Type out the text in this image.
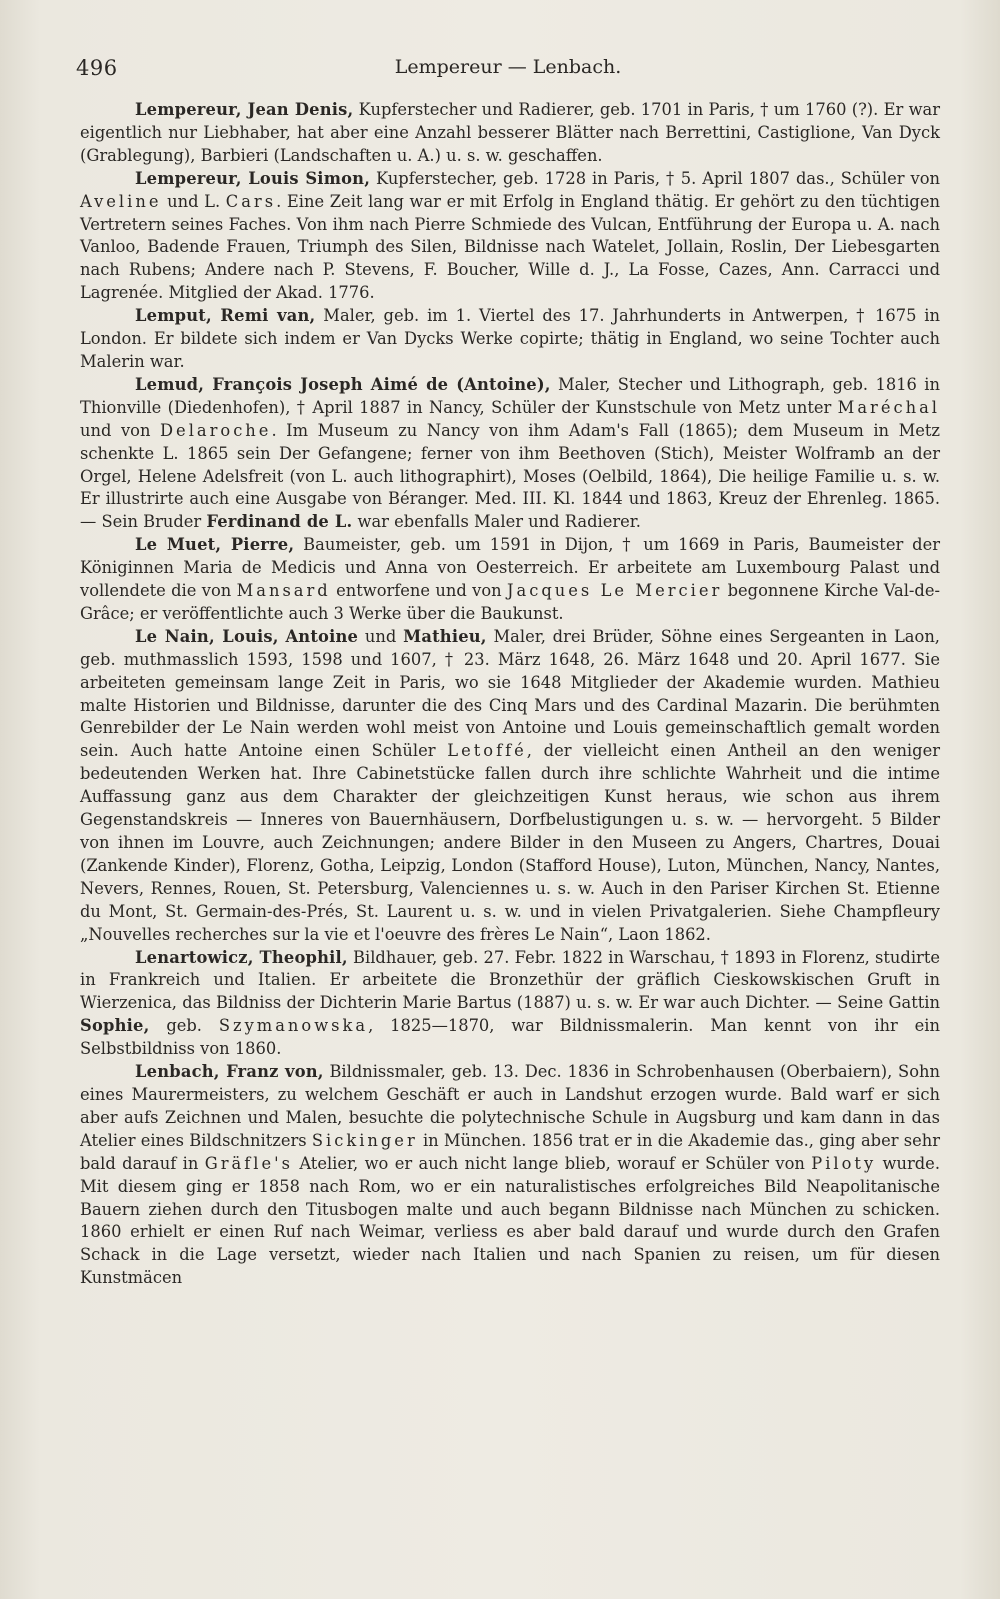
496	Lempereur — Lenbach.

Lempereur, Jean Denis, Kupferstecher und Radierer, geb. 1701 in Paris, † um 1760 (?). Er war eigentlich nur Liebhaber, hat aber eine Anzahl besserer Blätter nach Berrettini, Castiglione, Van Dyck (Grablegung), Barbieri (Landschaften u. A.) u. s. w. geschaffen.

Lempereur, Louis Simon, Kupferstecher, geb. 1728 in Paris, † 5. April 1807 das., Schüler von Aveline und L. Cars. Eine Zeit lang war er mit Erfolg in England thätig. Er gehört zu den tüchtigen Vertretern seines Faches. Von ihm nach Pierre Schmiede des Vulcan, Entführung der Europa u. A. nach Vanloo, Badende Frauen, Triumph des Silen, Bildnisse nach Watelet, Jollain, Roslin, Der Liebesgarten nach Rubens; Andere nach P. Stevens, F. Boucher, Wille d. J., La Fosse, Cazes, Ann. Carracci und Lagrenée. Mitglied der Akad. 1776.

Lemput, Remi van, Maler, geb. im 1. Viertel des 17. Jahrhunderts in Antwerpen, † 1675 in London. Er bildete sich indem er Van Dycks Werke copirte; thätig in England, wo seine Tochter auch Malerin war.

Lemud, François Joseph Aimé de (Antoine), Maler, Stecher und Lithograph, geb. 1816 in Thionville (Diedenhofen), † April 1887 in Nancy, Schüler der Kunstschule von Metz unter Maréchal und von Delaroche. Im Museum zu Nancy von ihm Adam's Fall (1865); dem Museum in Metz schenkte L. 1865 sein Der Gefangene; ferner von ihm Beethoven (Stich), Meister Wolframb an der Orgel, Helene Adelsfreit (von L. auch lithographirt), Moses (Oelbild, 1864), Die heilige Familie u. s. w. Er illustrirte auch eine Ausgabe von Béranger. Med. III. Kl. 1844 und 1863, Kreuz der Ehrenleg. 1865. — Sein Bruder Ferdinand de L. war ebenfalls Maler und Radierer.

Le Muet, Pierre, Baumeister, geb. um 1591 in Dijon, † um 1669 in Paris, Baumeister der Königinnen Maria de Medicis und Anna von Oesterreich. Er arbeitete am Luxembourg Palast und vollendete die von Mansard entworfene und von Jacques Le Mercier begonnene Kirche Val-de-Grâce; er veröffentlichte auch 3 Werke über die Baukunst.

Le Nain, Louis, Antoine und Mathieu, Maler, drei Brüder, Söhne eines Sergeanten in Laon, geb. muthmasslich 1593, 1598 und 1607, † 23. März 1648, 26. März 1648 und 20. April 1677. Sie arbeiteten gemeinsam lange Zeit in Paris, wo sie 1648 Mitglieder der Akademie wurden. Mathieu malte Historien und Bildnisse, darunter die des Cinq Mars und des Cardinal Mazarin. Die berühmten Genrebilder der Le Nain werden wohl meist von Antoine und Louis gemeinschaftlich gemalt worden sein. Auch hatte Antoine einen Schüler Letoffé, der vielleicht einen Antheil an den weniger bedeutenden Werken hat. Ihre Cabinetstücke fallen durch ihre schlichte Wahrheit und die intime Auffassung ganz aus dem Charakter der gleichzeitigen Kunst heraus, wie schon aus ihrem Gegenstandskreis — Inneres von Bauernhäusern, Dorfbelustigungen u. s. w. — hervorgeht. 5 Bilder von ihnen im Louvre, auch Zeichnungen; andere Bilder in den Museen zu Angers, Chartres, Douai (Zankende Kinder), Florenz, Gotha, Leipzig, London (Stafford House), Luton, München, Nancy, Nantes, Nevers, Rennes, Rouen, St. Petersburg, Valenciennes u. s. w. Auch in den Pariser Kirchen St. Etienne du Mont, St. Germain-des-Prés, St. Laurent u. s. w. und in vielen Privatgalerien. Siehe Champfleury „Nouvelles recherches sur la vie et l'oeuvre des frères Le Nain“, Laon 1862.

Lenartowicz, Theophil, Bildhauer, geb. 27. Febr. 1822 in Warschau, † 1893 in Florenz, studirte in Frankreich und Italien. Er arbeitete die Bronzethür der gräflich Cieskowskischen Gruft in Wierzenica, das Bildniss der Dichterin Marie Bartus (1887) u. s. w. Er war auch Dichter. — Seine Gattin Sophie, geb. Szymanowska, 1825—1870, war Bildnissmalerin. Man kennt von ihr ein Selbstbildniss von 1860.

Lenbach, Franz von, Bildnissmaler, geb. 13. Dec. 1836 in Schrobenhausen (Oberbaiern), Sohn eines Maurermeisters, zu welchem Geschäft er auch in Landshut erzogen wurde. Bald warf er sich aber aufs Zeichnen und Malen, besuchte die polytechnische Schule in Augsburg und kam dann in das Atelier eines Bildschnitzers Sickinger in München. 1856 trat er in die Akademie das., ging aber sehr bald darauf in Gräfle's Atelier, wo er auch nicht lange blieb, worauf er Schüler von Piloty wurde. Mit diesem ging er 1858 nach Rom, wo er ein naturalistisches erfolgreiches Bild Neapolitanische Bauern ziehen durch den Titusbogen malte und auch begann Bildnisse nach München zu schicken. 1860 erhielt er einen Ruf nach Weimar, verliess es aber bald darauf und wurde durch den Grafen Schack in die Lage versetzt, wieder nach Italien und nach Spanien zu reisen, um für diesen Kunstmäcen
